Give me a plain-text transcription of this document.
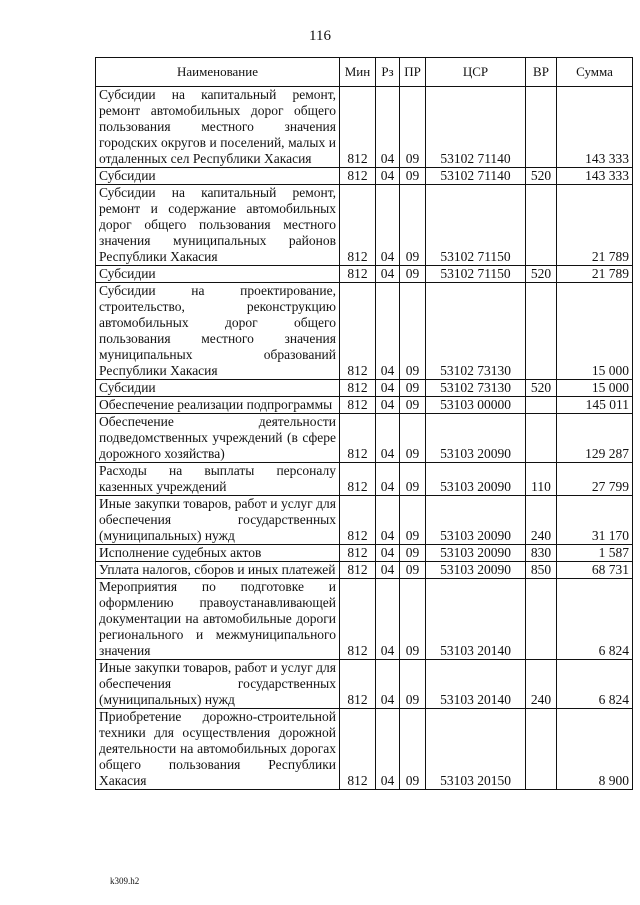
116
Наименование	Мин	Рз	ПР	ЦСР	ВР	Сумма
Субсидии на капитальный ремонт, ремонт автомобильных дорог общего пользования местного значения городских округов и поселений, малых и отдаленных сел Республики Хакасия	812	04	09	53102 71140		143 333
Субсидии	812	04	09	53102 71140	520	143 333
Субсидии на капитальный ремонт, ремонт и содержание автомобильных дорог общего пользования местного значения муниципальных районов Республики Хакасия	812	04	09	53102 71150		21 789
Субсидии	812	04	09	53102 71150	520	21 789
Субсидии на проектирование, строительство, реконструкцию автомобильных дорог общего пользования местного значения муниципальных образований Республики Хакасия	812	04	09	53102 73130		15 000
Субсидии	812	04	09	53102 73130	520	15 000
Обеспечение реализации подпрограммы	812	04	09	53103 00000		145 011
Обеспечение деятельности подведомственных учреждений (в сфере дорожного хозяйства)	812	04	09	53103 20090		129 287
Расходы на выплаты персоналу казенных учреждений	812	04	09	53103 20090	110	27 799
Иные закупки товаров, работ и услуг для обеспечения государственных (муниципальных) нужд	812	04	09	53103 20090	240	31 170
Исполнение судебных актов	812	04	09	53103 20090	830	1 587
Уплата налогов, сборов и иных платежей	812	04	09	53103 20090	850	68 731
Мероприятия по подготовке и оформлению правоустанавливающей документации на автомобильные дороги регионального и межмуниципального значения	812	04	09	53103 20140		6 824
Иные закупки товаров, работ и услуг для обеспечения государственных (муниципальных) нужд	812	04	09	53103 20140	240	6 824
Приобретение дорожно-строительной техники для осуществления дорожной деятельности на автомобильных дорогах общего пользования Республики Хакасия	812	04	09	53103 20150		8 900
k309.h2
